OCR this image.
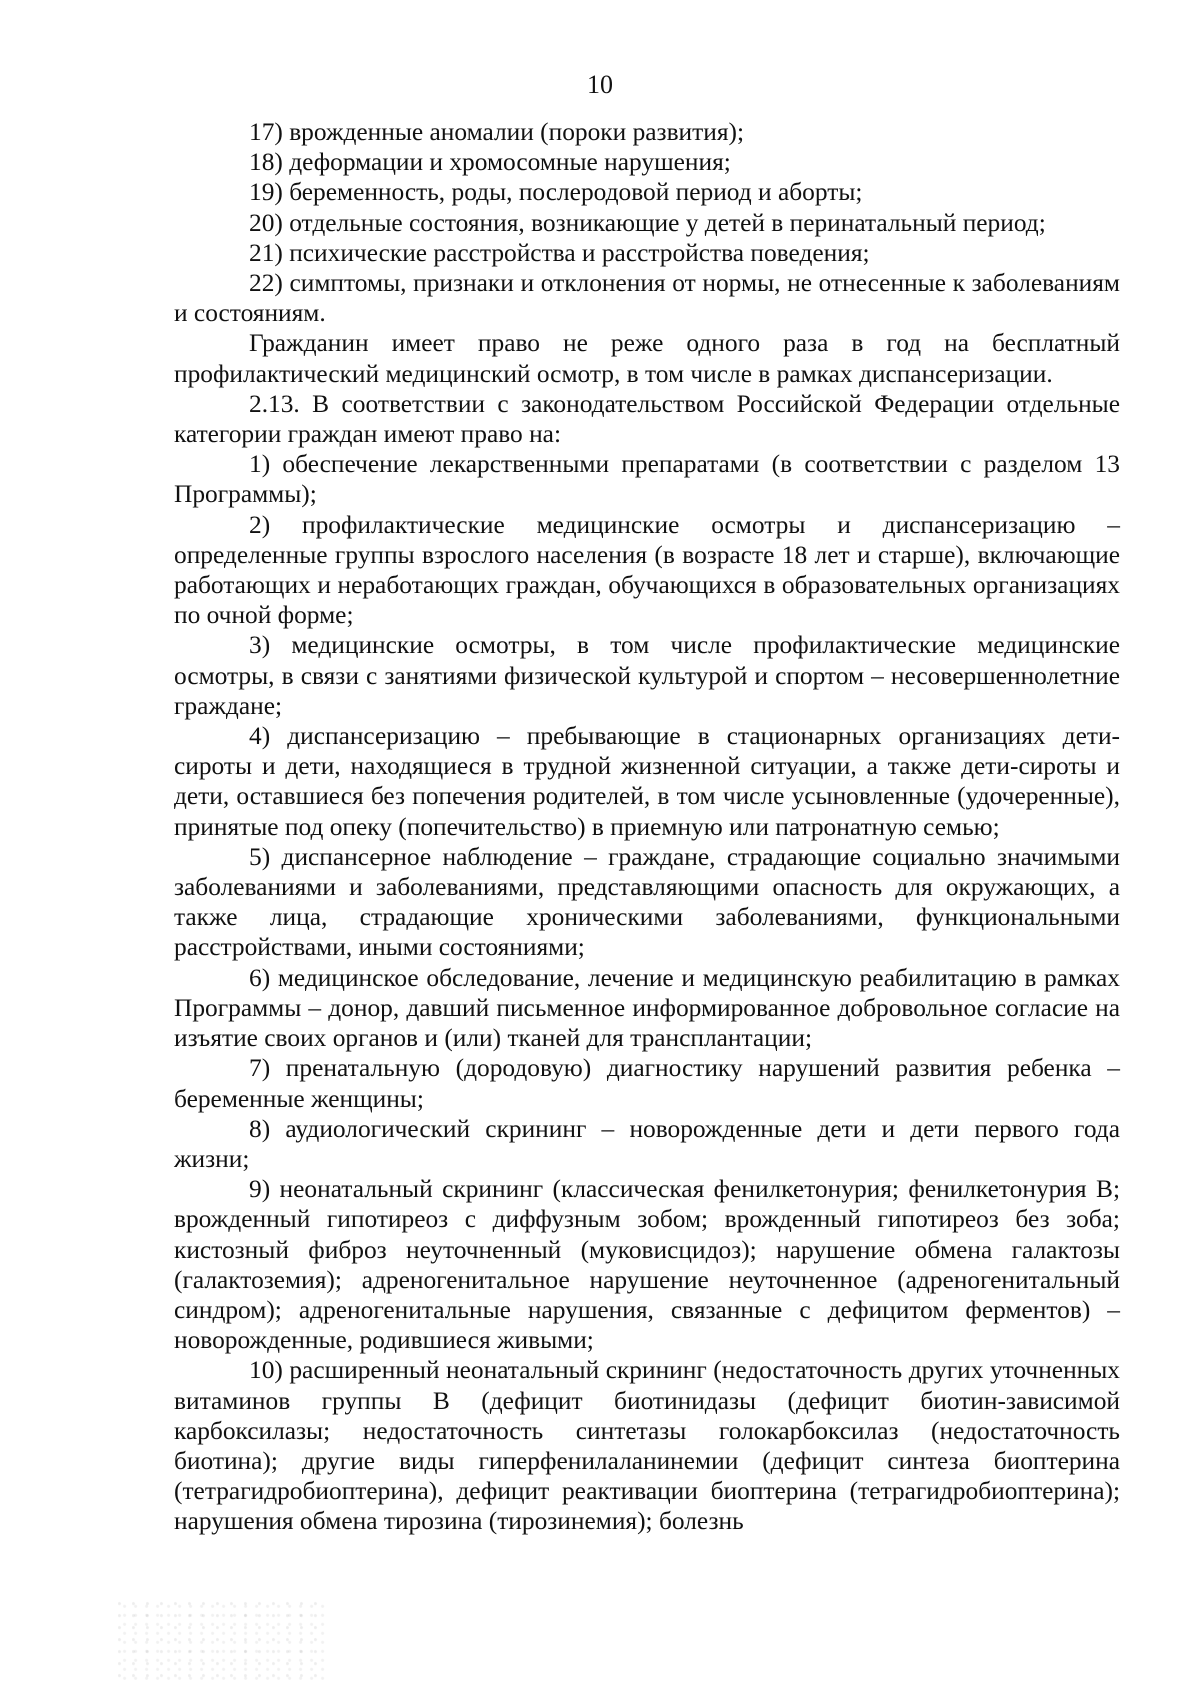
10

17) врожденные аномалии (пороки развития);

18) деформации и хромосомные нарушения;

19) беременность, роды, послеродовой период и аборты;

20) отдельные состояния, возникающие у детей в перинатальный период;

21) психические расстройства и расстройства поведения;

22) симптомы, признаки и отклонения от нормы, не отнесенные к заболеваниям и состояниям.

Гражданин имеет право не реже одного раза в год на бесплатный профилактический медицинский осмотр, в том числе в рамках диспансеризации.

2.13. В соответствии с законодательством Российской Федерации отдельные категории граждан имеют право на:

1) обеспечение лекарственными препаратами (в соответствии с разделом 13 Программы);

2) профилактические медицинские осмотры и диспансеризацию – определенные группы взрослого населения (в возрасте 18 лет и старше), включающие работающих и неработающих граждан, обучающихся в образовательных организациях по очной форме;

3) медицинские осмотры, в том числе профилактические медицинские осмотры, в связи с занятиями физической культурой и спортом – несовершеннолетние граждане;

4) диспансеризацию – пребывающие в стационарных организациях дети-сироты и дети, находящиеся в трудной жизненной ситуации, а также дети-сироты и дети, оставшиеся без попечения родителей, в том числе усыновленные (удочеренные), принятые под опеку (попечительство) в приемную или патронатную семью;

5) диспансерное наблюдение – граждане, страдающие социально значимыми заболеваниями и заболеваниями, представляющими опасность для окружающих, а также лица, страдающие хроническими заболеваниями, функциональными расстройствами, иными состояниями;

6) медицинское обследование, лечение и медицинскую реабилитацию в рамках Программы – донор, давший письменное информированное добровольное согласие на изъятие своих органов и (или) тканей для трансплантации;

7) пренатальную (дородовую) диагностику нарушений развития ребенка – беременные женщины;

8) аудиологический скрининг – новорожденные дети и дети первого года жизни;

9) неонатальный скрининг (классическая фенилкетонурия; фенилкетонурия B; врожденный гипотиреоз с диффузным зобом; врожденный гипотиреоз без зоба; кистозный фиброз неуточненный (муковисцидоз); нарушение обмена галактозы (галактоземия); адреногенитальное нарушение неуточненное (адреногенитальный синдром); адреногенитальные нарушения, связанные с дефицитом ферментов) – новорожденные, родившиеся живыми;

10) расширенный неонатальный скрининг (недостаточность других уточненных витаминов группы B (дефицит биотинидазы (дефицит биотин-зависимой карбоксилазы; недостаточность синтетазы голокарбоксилаз (недостаточность биотина); другие виды гиперфенилаланинемии (дефицит синтеза биоптерина (тетрагидробиоптерина), дефицит реактивации биоптерина (тетрагидробиоптерина); нарушения обмена тирозина (тирозинемия); болезнь
